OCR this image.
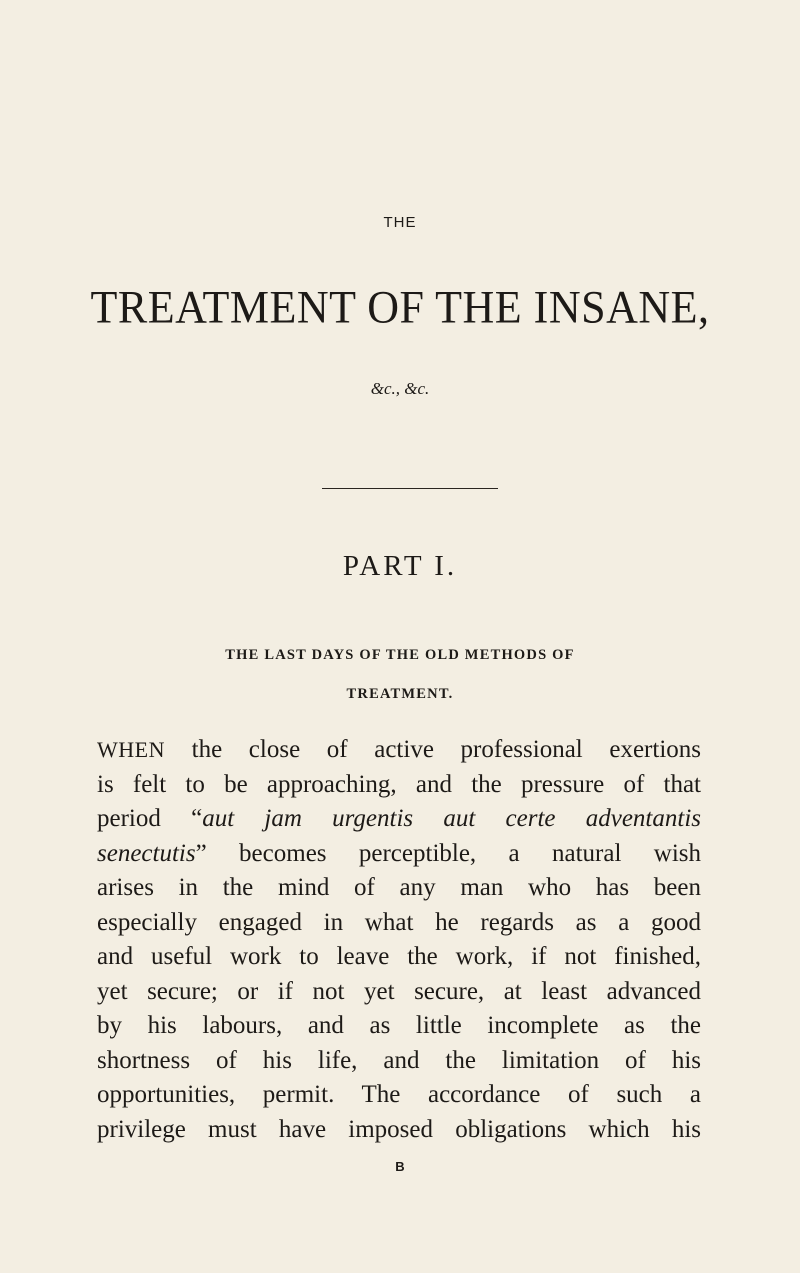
THE
TREATMENT OF THE INSANE,
&c., &c.
PART I.
THE LAST DAYS OF THE OLD METHODS OF
TREATMENT.
WHEN the close of active professional exertions
is felt to be approaching, and the pressure of that
period “aut jam urgentis aut certe adventantis
senectutis” becomes perceptible, a natural wish
arises in the mind of any man who has been
especially engaged in what he regards as a good
and useful work to leave the work, if not finished,
yet secure; or if not yet secure, at least advanced
by his labours, and as little incomplete as the
shortness of his life, and the limitation of his
opportunities, permit. The accordance of such a
privilege must have imposed obligations which his
B
